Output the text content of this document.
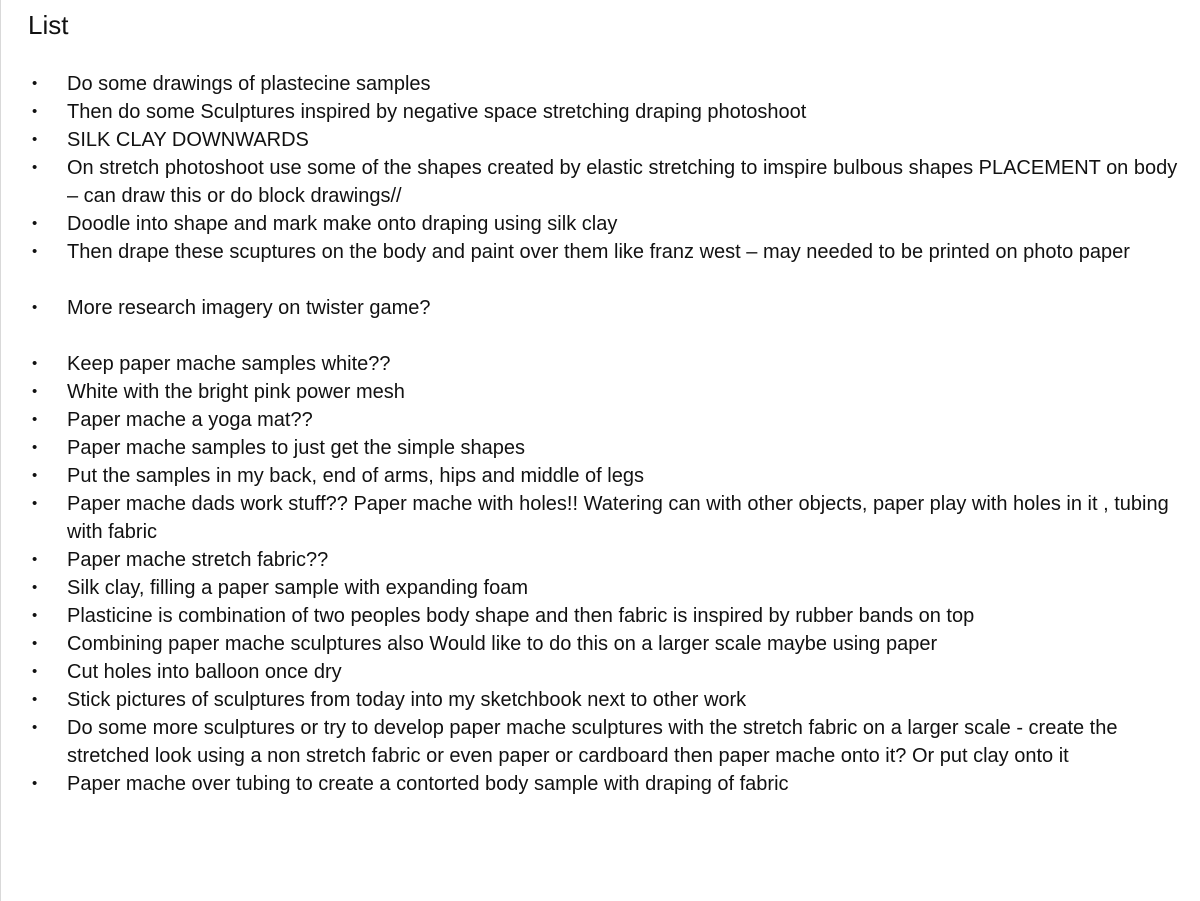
List
• Do some drawings of plastecine samples
• Then do some Sculptures inspired by negative space stretching draping photoshoot
• SILK CLAY DOWNWARDS
• On stretch photoshoot use some of the shapes created by elastic stretching to imspire bulbous shapes PLACEMENT on body – can draw this or do block drawings//
• Doodle into shape and mark make onto draping using silk clay
• Then drape these scuptures on the body and paint over them like franz west – may needed to be printed on photo paper
• More research imagery on twister game?
• Keep paper mache samples white??
• White with the bright pink power mesh
• Paper mache a yoga mat??
• Paper mache samples to just get the simple shapes
• Put the samples in my back, end of arms, hips and middle of legs
• Paper mache dads work stuff?? Paper mache with holes!! Watering can with other objects, paper play with holes in it , tubing with fabric
• Paper mache stretch fabric??
• Silk clay, filling a paper sample with expanding foam
• Plasticine is combination of two peoples body shape and then fabric is inspired by rubber bands on top
• Combining paper mache sculptures also Would like to do this on a larger scale maybe using paper
• Cut holes into balloon once dry
• Stick pictures of sculptures from today into my sketchbook next to other work
• Do some more sculptures or try to develop paper mache sculptures with the stretch fabric on a larger scale - create the stretched look using a non stretch fabric or even paper or cardboard then paper mache onto it? Or put clay onto it
• Paper mache over tubing to create a contorted body sample with draping of fabric
